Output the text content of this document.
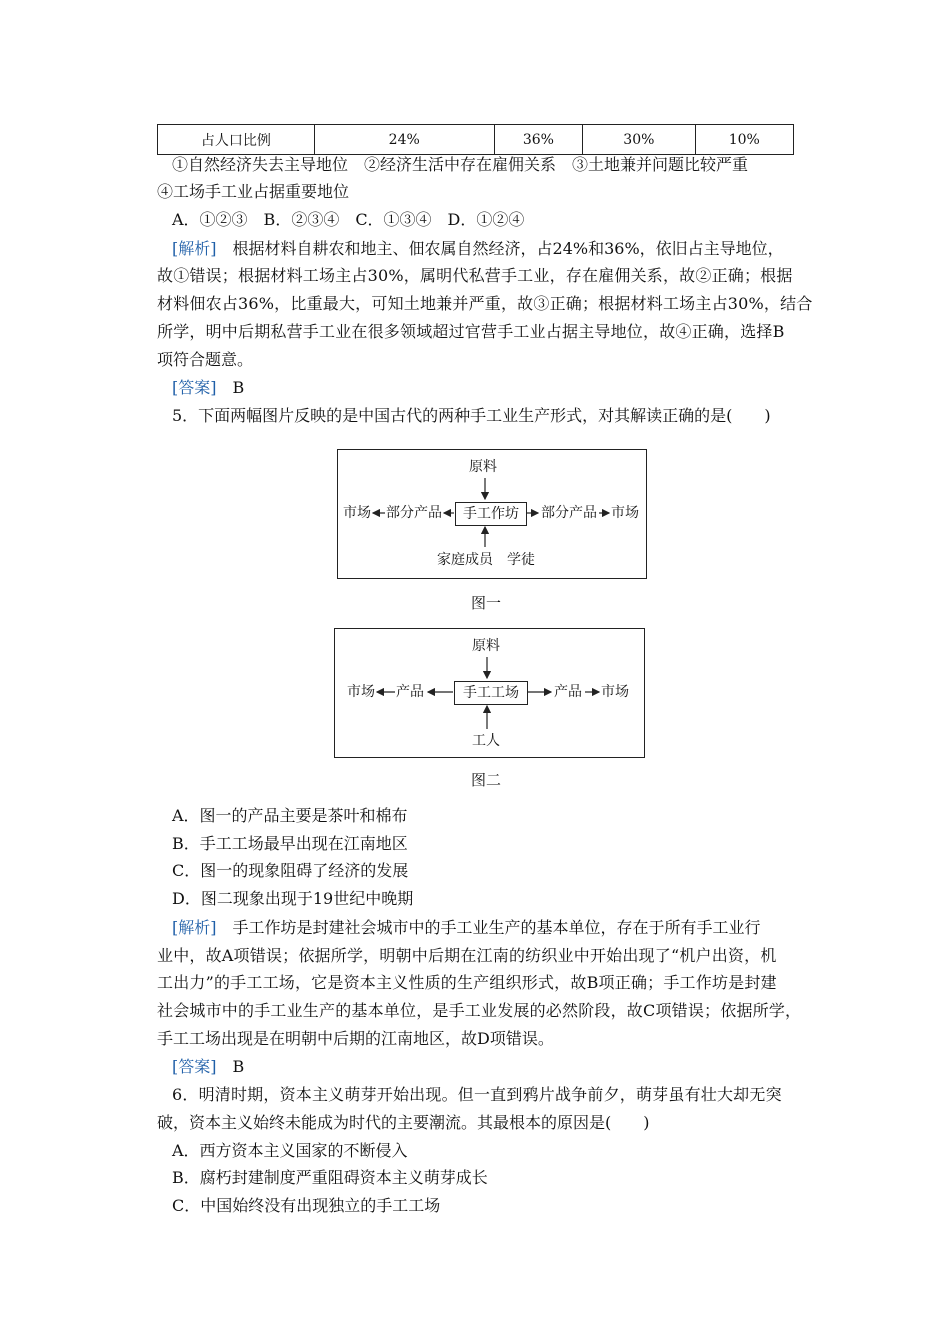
占人口比例	24%	36%	30%	10%
①自然经济失去主导地位　②经济生活中存在雇佣关系　③土地兼并问题比较严重
④工场手工业占据重要地位
A．①②③　B．②③④　C．①③④　D．①②④
[解析]　 根据材料自耕农和地主、佃农属自然经济，占24%和36%，依旧占主导地位，
故①错误；根据材料工场主占30%，属明代私营手工业，存在雇佣关系，故②正确；根据
材料佃农占36%，比重最大，可知土地兼并严重，故③正确；根据材料工场主占30%，结合
所学，明中后期私营手工业在很多领域超过官营手工业占据主导地位，故④正确，选择B
项符合题意。
[答案]　 B
5．下面两幅图片反映的是中国古代的两种手工业生产形式，对其解读正确的是(　　)
原料
手工作坊
市场 部分产品	部分产品 市场
家庭成员　学徒
图一
原料
手工工场
市场 产品	产品 市场
工人
图二
A．图一的产品主要是茶叶和棉布
B．手工工场最早出现在江南地区
C．图一的现象阻碍了经济的发展
D．图二现象出现于19世纪中晚期
[解析]　 手工作坊是封建社会城市中的手工业生产的基本单位，存在于所有手工业行
业中，故A项错误；依据所学，明朝中后期在江南的纺织业中开始出现了“机户出资，机
工出力”的手工工场，它是资本主义性质的生产组织形式，故B项正确；手工作坊是封建
社会城市中的手工业生产的基本单位，是手工业发展的必然阶段，故C项错误；依据所学，
手工工场出现是在明朝中后期的江南地区，故D项错误。
[答案]　 B
6．明清时期，资本主义萌芽开始出现。但一直到鸦片战争前夕，萌芽虽有壮大却无突
破，资本主义始终未能成为时代的主要潮流。其最根本的原因是(　　)
A．西方资本主义国家的不断侵入
B．腐朽封建制度严重阻碍资本主义萌芽成长
C．中国始终没有出现独立的手工工场
